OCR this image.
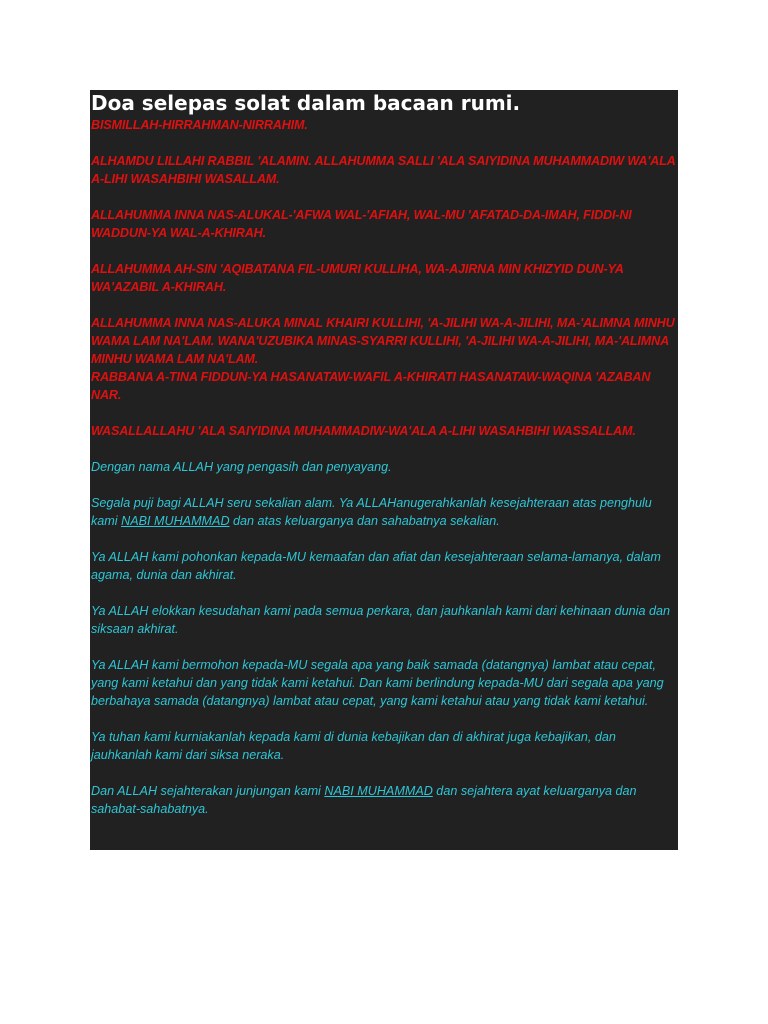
Doa selepas solat dalam bacaan rumi.

BISMILLAH-HIRRAHMAN-NIRRAHIM.

ALHAMDU LILLAHI RABBIL 'ALAMIN. ALLAHUMMA SALLI 'ALA SAIYIDINA MUHAMMADIW WA'ALA A-LIHI WASAHBIHI WASALLAM.

ALLAHUMMA INNA NAS-ALUKAL-'AFWA WAL-'AFIAH, WAL-MU 'AFATAD-DA-IMAH, FIDDI-NI WADDUN-YA WAL-A-KHIRAH.

ALLAHUMMA AH-SIN 'AQIBATANA FIL-UMURI KULLIHA, WA-AJIRNA MIN KHIZYID DUN-YA WA'AZABIL A-KHIRAH.

ALLAHUMMA INNA NAS-ALUKA MINAL KHAIRI KULLIHI, 'A-JILIHI WA-A-JILIHI, MA-'ALIMNA MINHU WAMA LAM NA'LAM. WANA'UZUBIKA MINAS-SYARRI KULLIHI, 'A-JILIHI WA-A-JILIHI, MA-'ALIMNA MINHU WAMA LAM NA'LAM.

RABBANA A-TINA FIDDUN-YA HASANATAW-WAFIL A-KHIRATI HASANATAW-WAQINA 'AZABAN NAR.

WASALLALLAHU 'ALA SAIYIDINA MUHAMMADIW-WA'ALA A-LIHI WASAHBIHI WASSALLAM.

Dengan nama ALLAH yang pengasih dan penyayang.

Segala puji bagi ALLAH seru sekalian alam. Ya ALLAHanugerahkanlah kesejahteraan atas penghulu kami NABI MUHAMMAD dan atas keluarganya dan sahabatnya sekalian.

Ya ALLAH kami pohonkan kepada-MU kemaafan dan afiat dan kesejahteraan selama-lamanya, dalam agama, dunia dan akhirat.

Ya ALLAH elokkan kesudahan kami pada semua perkara, dan jauhkanlah kami dari kehinaan dunia dan siksaan akhirat.

Ya ALLAH kami bermohon kepada-MU segala apa yang baik samada (datangnya) lambat atau cepat, yang kami ketahui dan yang tidak kami ketahui. Dan kami berlindung kepada-MU dari segala apa yang berbahaya samada (datangnya) lambat atau cepat, yang kami ketahui atau yang tidak kami ketahui.

Ya tuhan kami kurniakanlah kepada kami di dunia kebajikan dan di akhirat juga kebajikan, dan jauhkanlah kami dari siksa neraka.

Dan ALLAH sejahterakan junjungan kami NABI MUHAMMAD dan sejahtera ayat keluarganya dan sahabat-sahabatnya.
